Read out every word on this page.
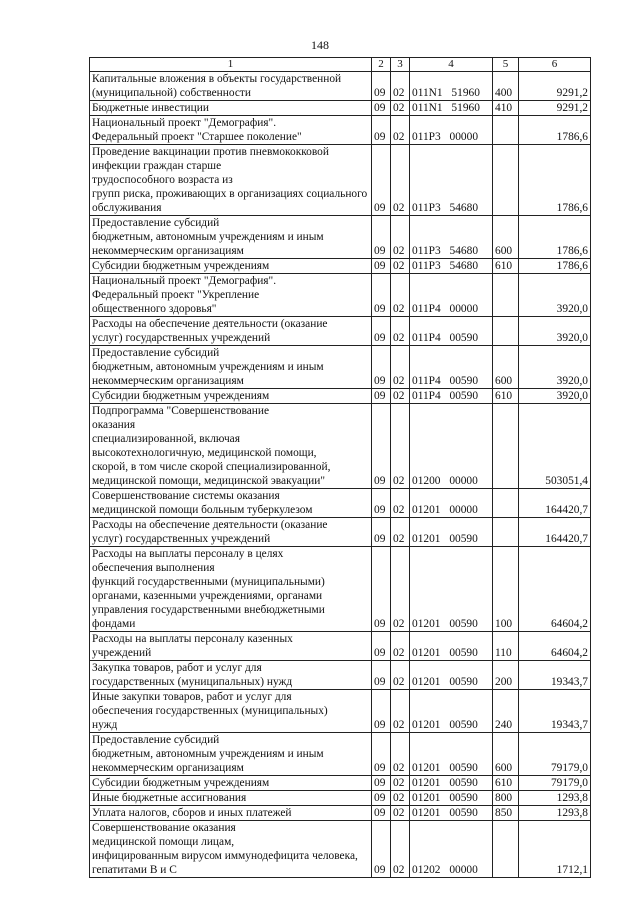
148
1	2	3	4	5	6

Капитальные вложения в объекты государственной
(муниципальной) собственности	09	02	011N1 51960	400	9291,2
Бюджетные инвестиции	09	02	011N1 51960	410	9291,2

Национальный проект "Демография".
Федеральный проект "Старшее поколение"	09	02	011P3 00000		1786,6

Проведение вакцинации против пневмококковой
инфекции граждан старше
трудоспособного возраста из
групп риска, проживающих в организациях социального обслуживания	09	02	011P3 54680		1786,6

Предоставление субсидий
бюджетным, автономным учреждениям и иным некоммерческим организациям	09	02	011P3 54680	600	1786,6
Субсидии бюджетным учреждениям	09	02	011P3 54680	610	1786,6

Национальный проект "Демография".
Федеральный проект "Укрепление
общественного здоровья"	09	02	011P4 00000		3920,0

Расходы на обеспечение деятельности (оказание
услуг) государственных учреждений	09	02	011P4 00590		3920,0

Предоставление субсидий
бюджетным, автономным учреждениям и иным некоммерческим организациям	09	02	011P4 00590	600	3920,0
Субсидии бюджетным учреждениям	09	02	011P4 00590	610	3920,0

Подпрограмма "Совершенствование
оказания
специализированной, включая
высокотехнологичную, медицинской помощи,
скорой, в том числе скорой специализированной, медицинской помощи, медицинской эвакуации"	09	02	01200 00000		503051,4

Совершенствование системы оказания
медицинской помощи больным туберкулезом	09	02	01201 00000		164420,7

Расходы на обеспечение деятельности (оказание
услуг) государственных учреждений	09	02	01201 00590		164420,7

Расходы на выплаты персоналу в целях
обеспечения выполнения
функций государственными (муниципальными)
органами, казенными учреждениями, органами
управления государственными внебюджетными фондами	09	02	01201 00590	100	64604,2

Расходы на выплаты персоналу казенных
учреждений	09	02	01201 00590	110	64604,2

Закупка товаров, работ и услуг для
государственных (муниципальных) нужд	09	02	01201 00590	200	19343,7

Иные закупки товаров, работ и услуг для
обеспечения государственных (муниципальных)
нужд	09	02	01201 00590	240	19343,7

Предоставление субсидий
бюджетным, автономным учреждениям и иным некоммерческим организациям	09	02	01201 00590	600	79179,0
Субсидии бюджетным учреждениям	09	02	01201 00590	610	79179,0
Иные бюджетные ассигнования	09	02	01201 00590	800	1293,8
Уплата налогов, сборов и иных платежей	09	02	01201 00590	850	1293,8

Совершенствование оказания
медицинской помощи лицам,
инфицированным вирусом иммунодефицита человека, гепатитами В и С	09	02	01202 00000		1712,1
